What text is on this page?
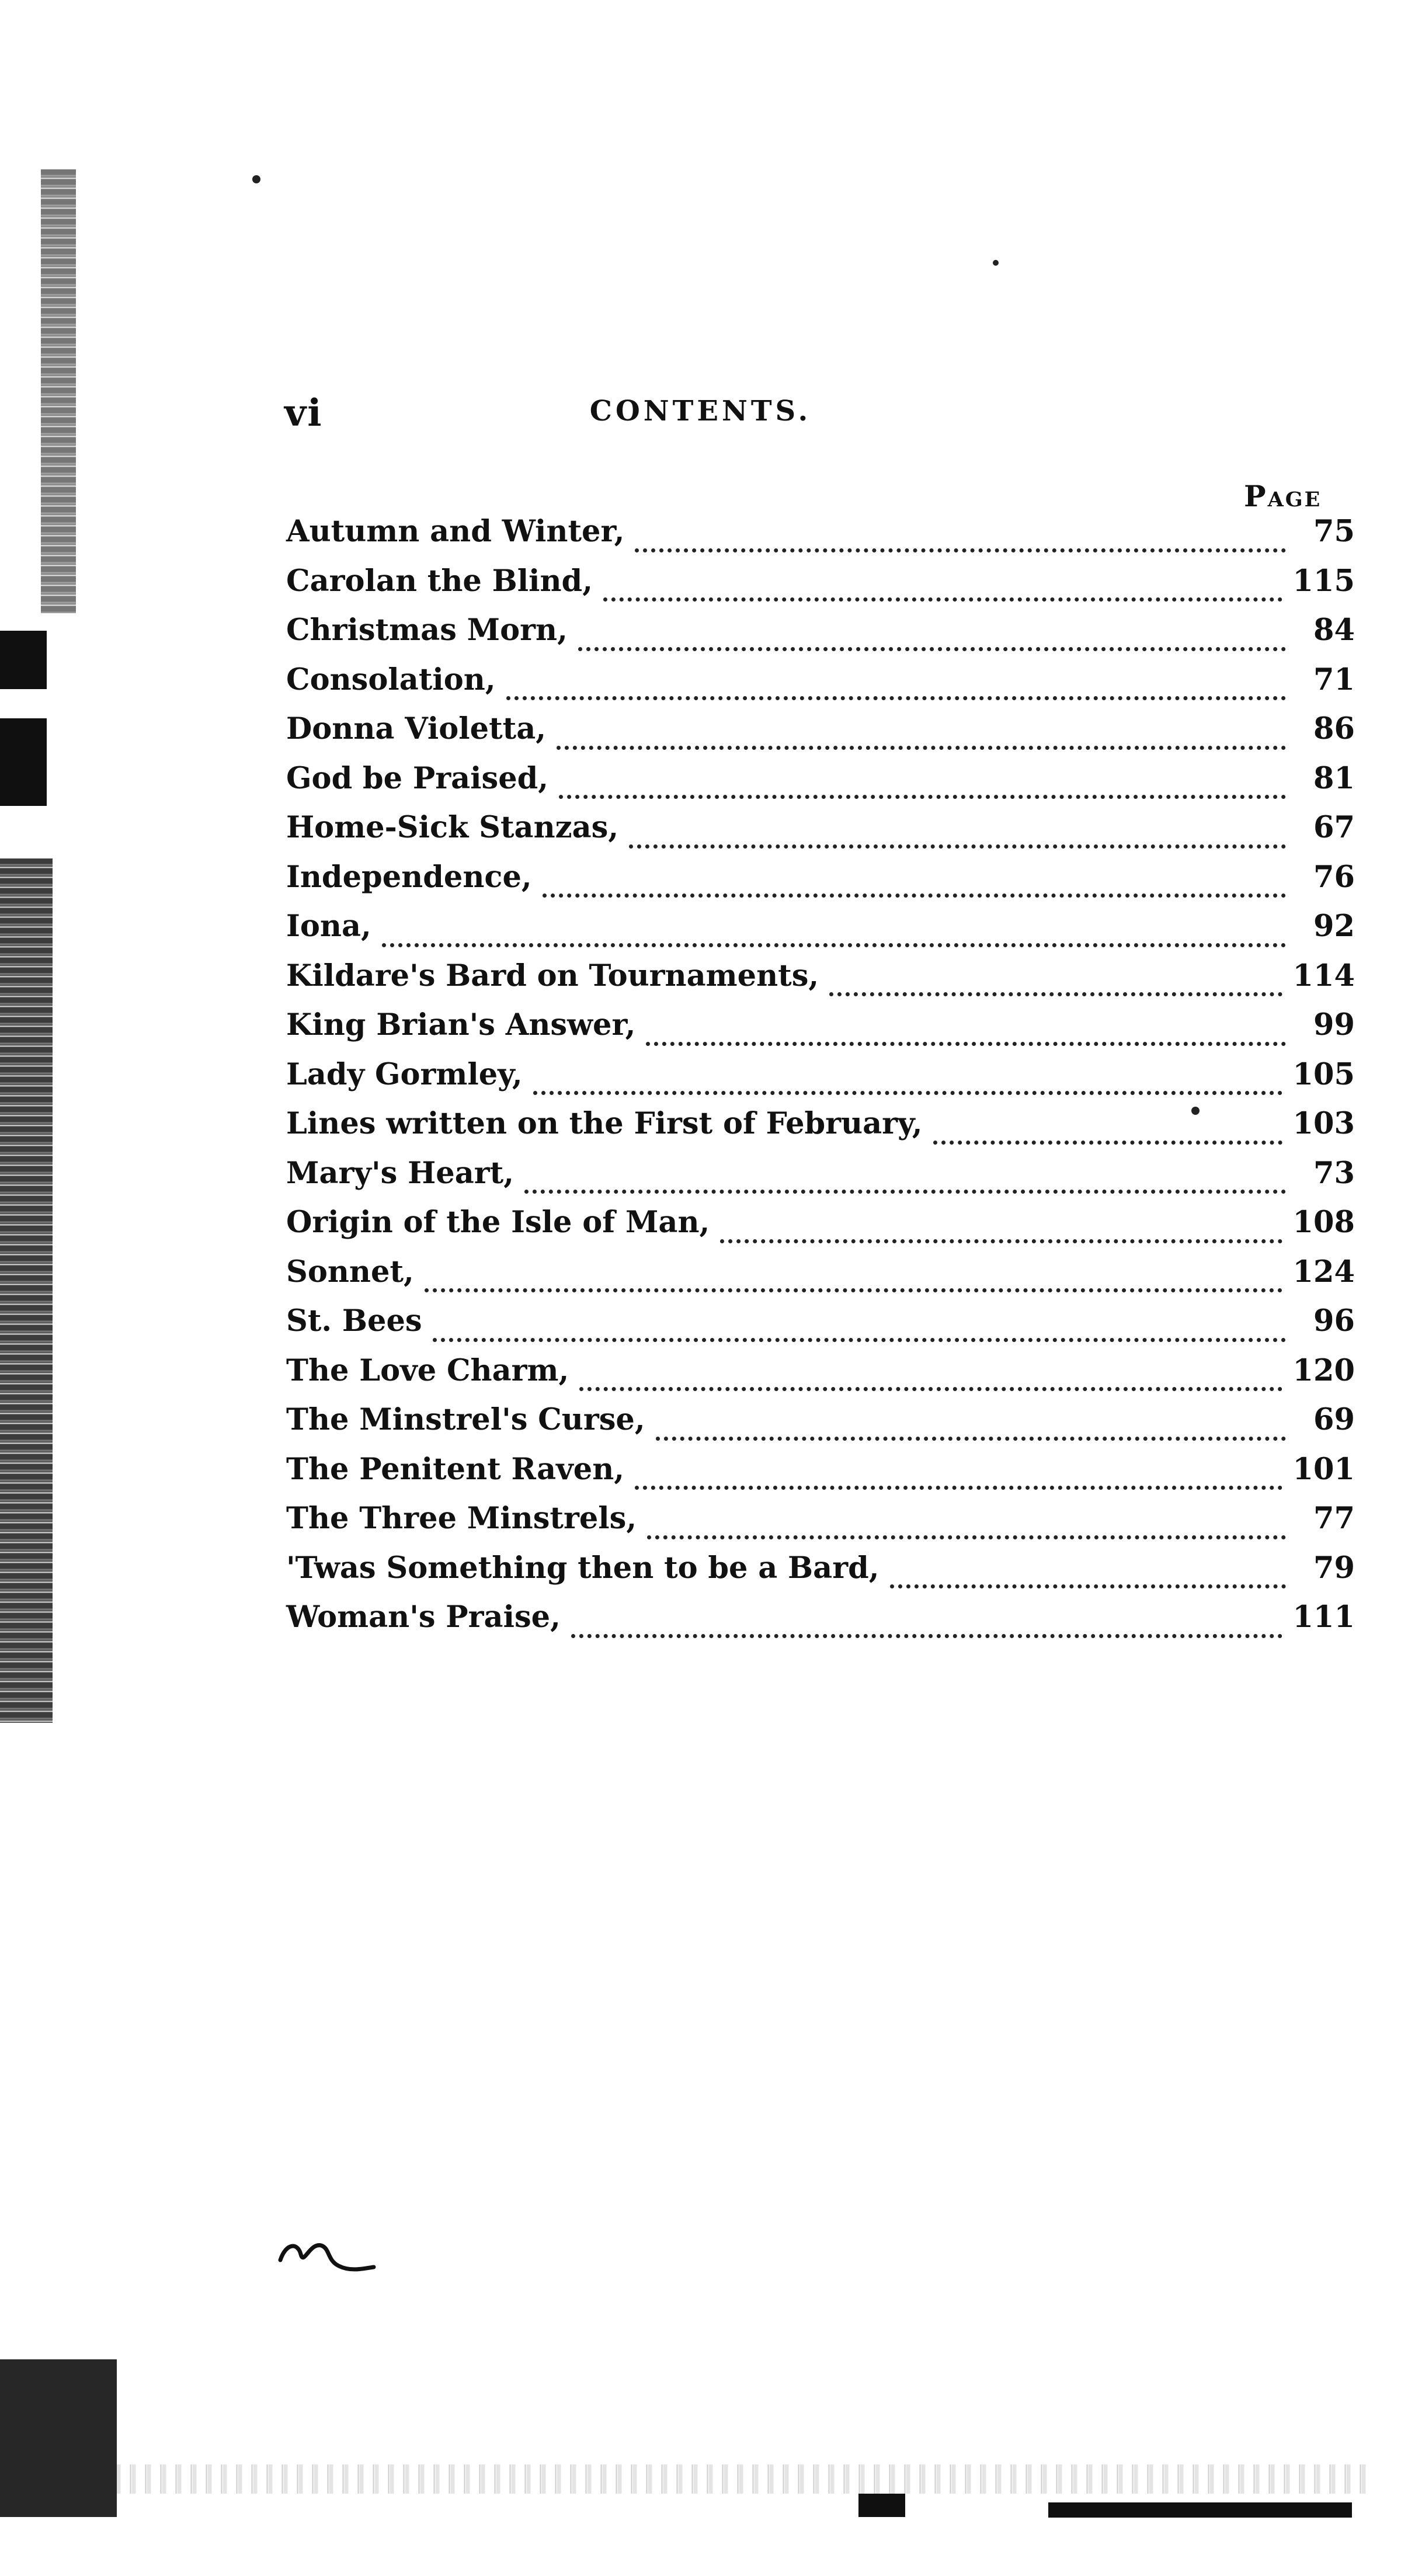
vi	CONTENTS.
Page
Autumn and Winter,	75
Carolan the Blind,	115
Christmas Morn,	84
Consolation,	71
Donna Violetta,	86
God be Praised,	81
Home-Sick Stanzas,	67
Independence,	76
Iona,	92
Kildare's Bard on Tournaments,	114
King Brian's Answer,	99
Lady Gormley,	105
Lines written on the First of February,	103
Mary's Heart,	73
Origin of the Isle of Man,	108
Sonnet,	124
St. Bees	96
The Love Charm,	120
The Minstrel's Curse,	69
The Penitent Raven,	101
The Three Minstrels,	77
'Twas Something then to be a Bard,	79
Woman's Praise,	111
